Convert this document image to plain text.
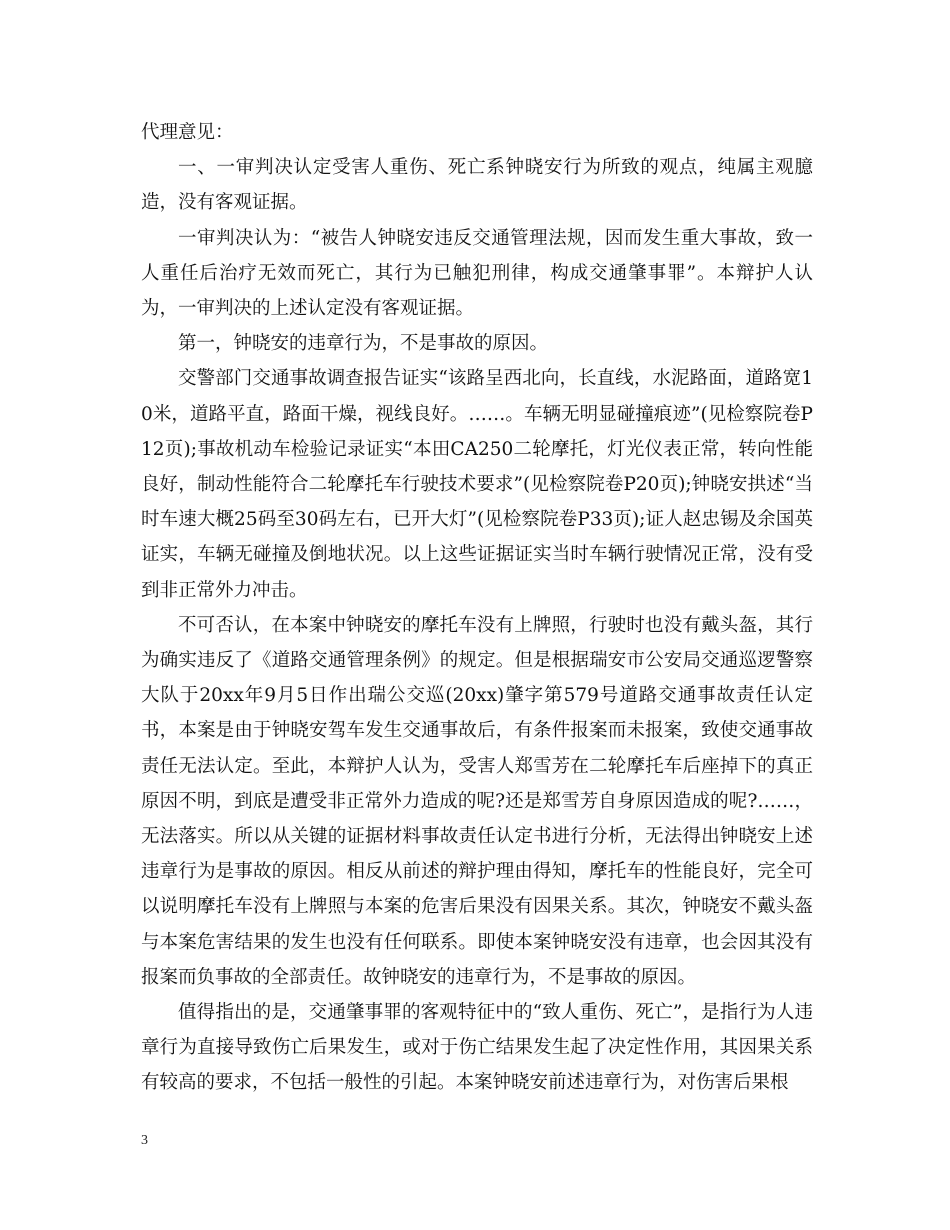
代理意见：

一、一审判决认定受害人重伤、死亡系钟晓安行为所致的观点，纯属主观臆造，没有客观证据。

一审判决认为：“被告人钟晓安违反交通管理法规，因而发生重大事故，致一人重任后治疗无效而死亡，其行为已触犯刑律，构成交通肇事罪”。本辩护人认为，一审判决的上述认定没有客观证据。

第一，钟晓安的违章行为，不是事故的原因。

交警部门交通事故调查报告证实“该路呈西北向，长直线，水泥路面，道路宽10米，道路平直，路面干燥，视线良好。……。车辆无明显碰撞痕迹”(见检察院卷P12页);事故机动车检验记录证实“本田CA250二轮摩托，灯光仪表正常，转向性能良好，制动性能符合二轮摩托车行驶技术要求”(见检察院卷P20页);钟晓安拱述“当时车速大概25码至30码左右，已开大灯”(见检察院卷P33页);证人赵忠锡及余国英证实，车辆无碰撞及倒地状况。以上这些证据证实当时车辆行驶情况正常，没有受到非正常外力冲击。

不可否认，在本案中钟晓安的摩托车没有上牌照，行驶时也没有戴头盔，其行为确实违反了《道路交通管理条例》的规定。但是根据瑞安市公安局交通巡逻警察大队于20xx年9月5日作出瑞公交巡(20xx)肇字第579号道路交通事故责任认定书，本案是由于钟晓安驾车发生交通事故后，有条件报案而未报案，致使交通事故责任无法认定。至此，本辩护人认为，受害人郑雪芳在二轮摩托车后座掉下的真正原因不明，到底是遭受非正常外力造成的呢?还是郑雪芳自身原因造成的呢?……，无法落实。所以从关键的证据材料事故责任认定书进行分析，无法得出钟晓安上述违章行为是事故的原因。相反从前述的辩护理由得知，摩托车的性能良好，完全可以说明摩托车没有上牌照与本案的危害后果没有因果关系。其次，钟晓安不戴头盔与本案危害结果的发生也没有任何联系。即使本案钟晓安没有违章，也会因其没有报案而负事故的全部责任。故钟晓安的违章行为，不是事故的原因。

值得指出的是，交通肇事罪的客观特征中的“致人重伤、死亡”，是指行为人违章行为直接导致伤亡后果发生，或对于伤亡结果发生起了决定性作用，其因果关系有较高的要求，不包括一般性的引起。本案钟晓安前述违章行为，对伤害后果根

3
